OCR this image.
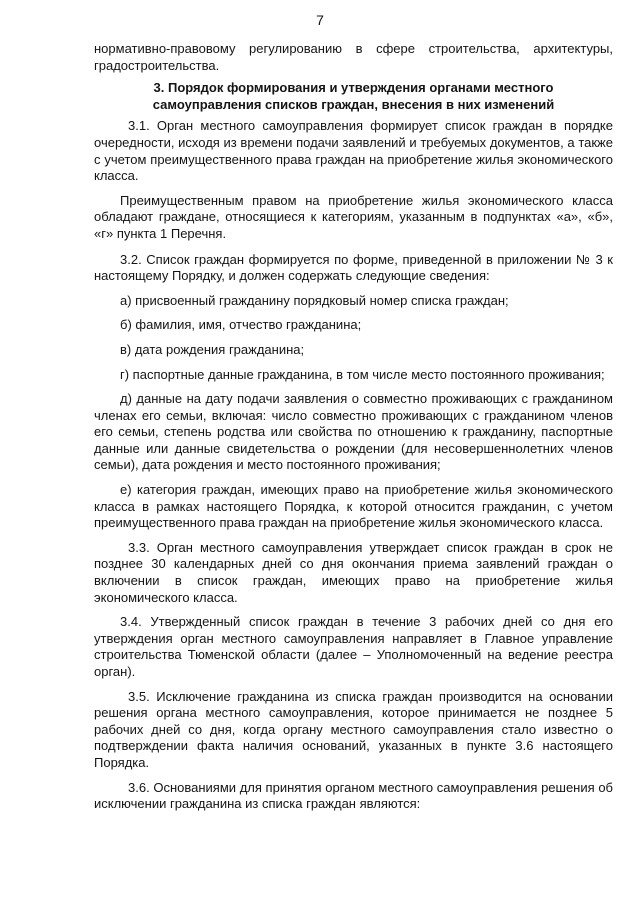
7

нормативно-правовому регулированию в сфере строительства, архитектуры, градостроительства.

3. Порядок формирования и утверждения органами местного
самоуправления списков граждан, внесения в них изменений

3.1. Орган местного самоуправления формирует список граждан в порядке очередности, исходя из времени подачи заявлений и требуемых документов, а также с учетом преимущественного права граждан на приобретение жилья экономического класса.

Преимущественным правом на приобретение жилья экономического класса обладают граждане, относящиеся к категориям, указанным в подпунктах «а», «б», «г» пункта 1 Перечня.

3.2. Список граждан формируется по форме, приведенной в приложении № 3 к настоящему Порядку, и должен содержать следующие сведения:

а) присвоенный гражданину порядковый номер списка граждан;

б) фамилия, имя, отчество гражданина;

в) дата рождения гражданина;

г) паспортные данные гражданина, в том числе место постоянного проживания;

д) данные на дату подачи заявления о совместно проживающих с гражданином членах его семьи, включая: число совместно проживающих с гражданином членов его семьи, степень родства или свойства по отношению к гражданину, паспортные данные или данные свидетельства о рождении (для несовершеннолетних членов семьи), дата рождения и место постоянного проживания;

е) категория граждан, имеющих право на приобретение жилья экономического класса в рамках настоящего Порядка, к которой относится гражданин, с учетом преимущественного права граждан на приобретение жилья экономического класса.

3.3. Орган местного самоуправления утверждает список граждан в срок не позднее 30 календарных дней со дня окончания приема заявлений граждан о включении в список граждан, имеющих право на приобретение жилья экономического класса.

3.4. Утвержденный список граждан в течение 3 рабочих дней со дня его утверждения орган местного самоуправления направляет в Главное управление строительства Тюменской области (далее – Уполномоченный на ведение реестра орган).

3.5. Исключение гражданина из списка граждан производится на основании решения органа местного самоуправления, которое принимается не позднее 5 рабочих дней со дня, когда органу местного самоуправления стало известно о подтверждении факта наличия оснований, указанных в пункте 3.6 настоящего Порядка.

3.6. Основаниями для принятия органом местного самоуправления решения об исключении гражданина из списка граждан являются:
